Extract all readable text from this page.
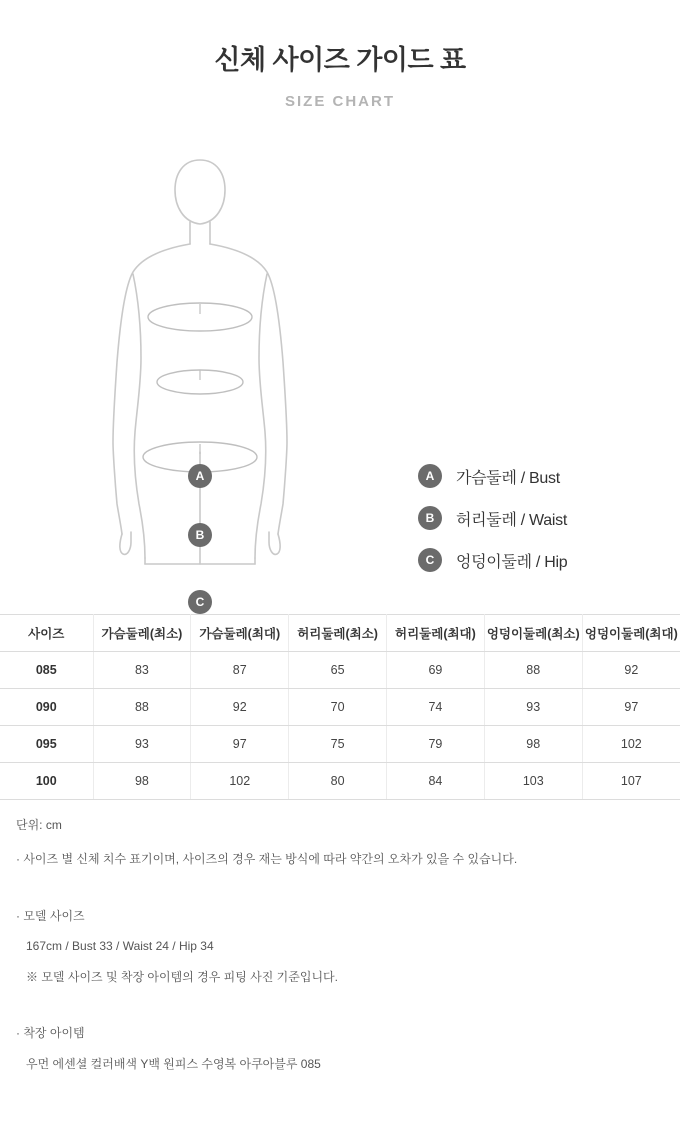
신체 사이즈 가이드 표
SIZE CHART
A
B
C
A	가슴둘레 / Bust
B	허리둘레 / Waist
C	엉덩이둘레 / Hip
사이즈	가슴둘레(최소)	가슴둘레(최대)	허리둘레(최소)	허리둘레(최대)	엉덩이둘레(최소)	엉덩이둘레(최대)
085	83	87	65	69	88	92
090	88	92	70	74	93	97
095	93	97	75	79	98	102
100	98	102	80	84	103	107
단위: cm
· 사이즈 별 신체 치수 표기이며, 사이즈의 경우 재는 방식에 따라 약간의 오차가 있을 수 있습니다.
· 모델 사이즈
167cm / Bust 33 / Waist 24 / Hip 34
※ 모델 사이즈 및 착장 아이템의 경우 피팅 사진 기준입니다.
· 착장 아이템
우먼 에센셜 컬러배색 Y백 원피스 수영복 아쿠아블루 085
